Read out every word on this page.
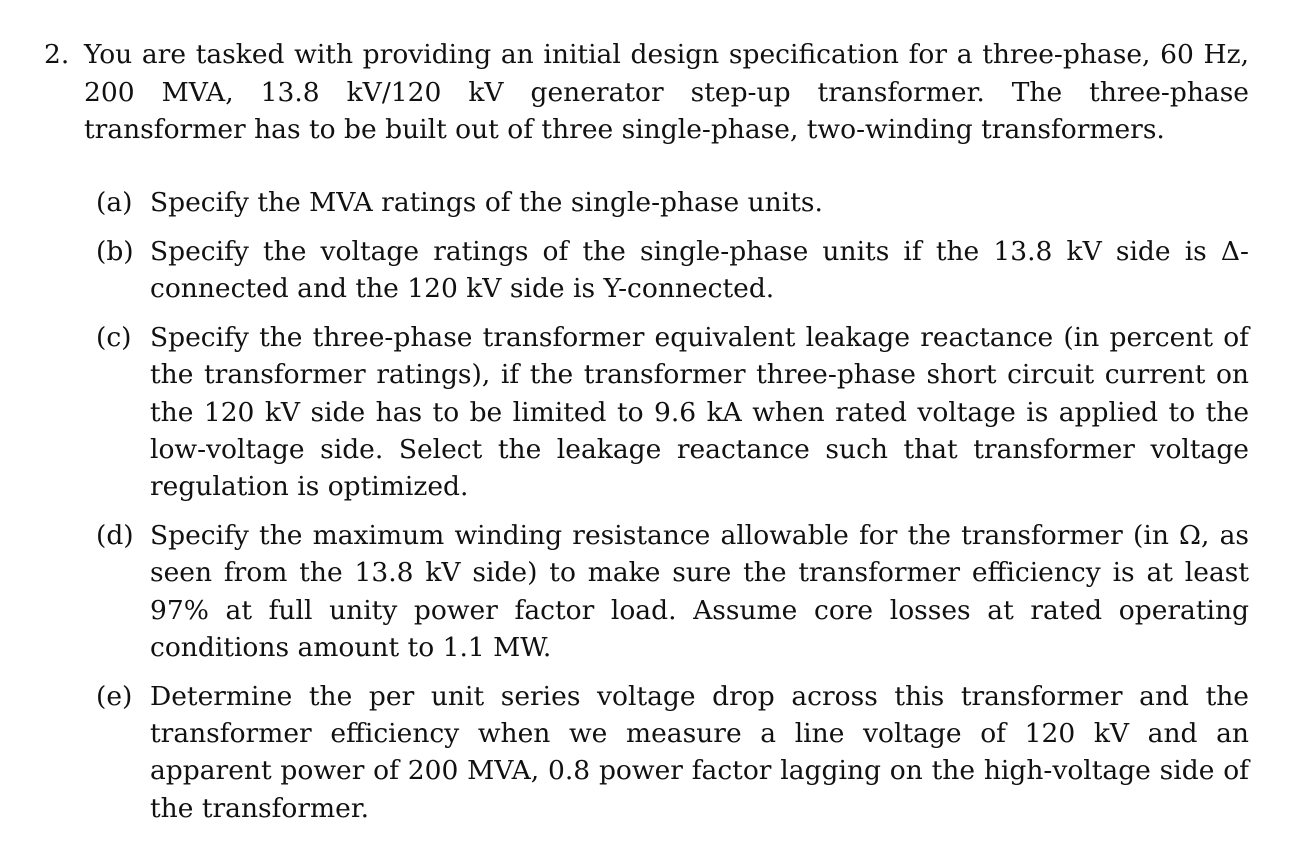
2. You are tasked with providing an initial design specification for a three-phase, 60 Hz, 200 MVA, 13.8 kV/120 kV generator step-up transformer. The three-phase transformer has to be built out of three single-phase, two-winding transformers.
(a) Specify the MVA ratings of the single-phase units.
(b) Specify the voltage ratings of the single-phase units if the 13.8 kV side is Δ-connected and the 120 kV side is Y-connected.
(c) Specify the three-phase transformer equivalent leakage reactance (in percent of the transformer ratings), if the transformer three-phase short circuit current on the 120 kV side has to be limited to 9.6 kA when rated voltage is applied to the low-voltage side. Select the leakage reactance such that transformer voltage regulation is optimized.
(d) Specify the maximum winding resistance allowable for the transformer (in Ω, as seen from the 13.8 kV side) to make sure the transformer efficiency is at least 97% at full unity power factor load. Assume core losses at rated operating conditions amount to 1.1 MW.
(e) Determine the per unit series voltage drop across this transformer and the transformer efficiency when we measure a line voltage of 120 kV and an apparent power of 200 MVA, 0.8 power factor lagging on the high-voltage side of the transformer.
